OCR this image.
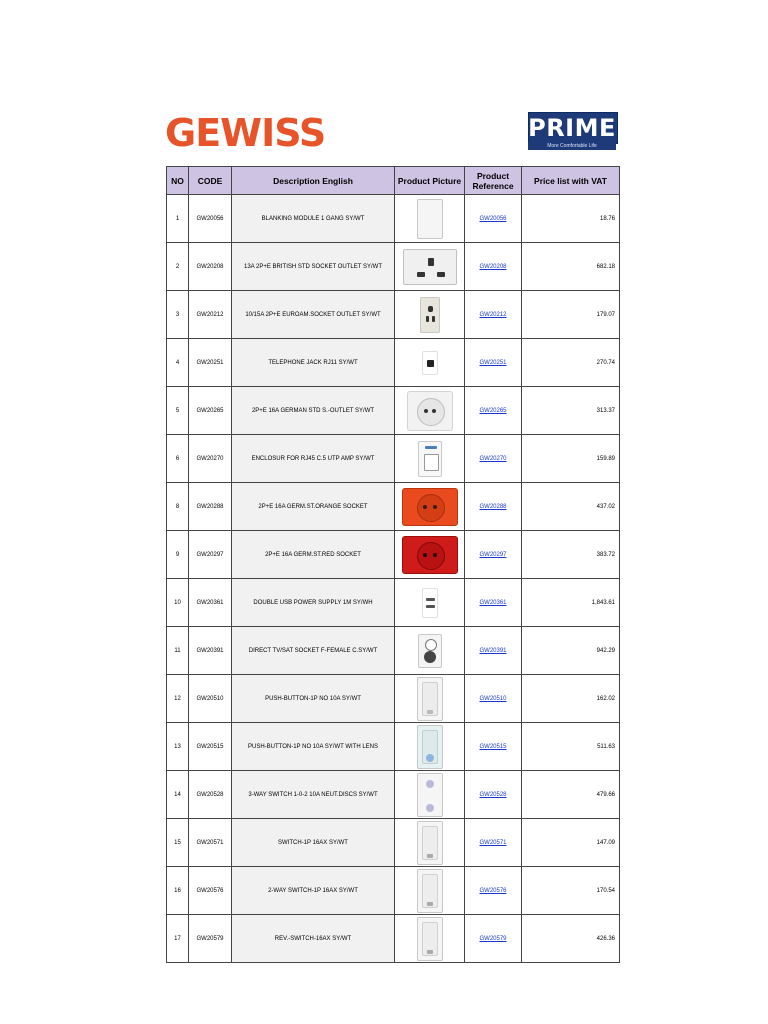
GEWISS	PRIME
More Comfortable Life
NO	CODE	Description English	Product Picture	Product Reference	Price list with VAT
1	GW20056	BLANKING MODULE 1 GANG SY/WT		GW20056	18.76
2	GW20208	13A 2P+E BRITISH STD SOCKET OUTLET SY/WT		GW20208	682.18
3	GW20212	10/15A 2P+E EUROAM.SOCKET OUTLET SY/WT		GW20212	179.07
4	GW20251	TELEPHONE JACK RJ11 SY/WT		GW20251	270.74
5	GW20265	2P+E 16A GERMAN STD S.-OUTLET SY/WT		GW20265	313.37
6	GW20270	ENCLOSUR FOR RJ45 C.5 UTP AMP SY/WT		GW20270	159.89
8	GW20288	2P+E 16A GERM.ST.ORANGE SOCKET		GW20288	437.02
9	GW20297	2P+E 16A GERM.ST.RED SOCKET		GW20297	383.72
10	GW20361	DOUBLE USB POWER SUPPLY 1M SY/WH		GW20361	1,843.61
11	GW20391	DIRECT TV/SAT SOCKET F-FEMALE C.SY/WT		GW20391	942.29
12	GW20510	PUSH-BUTTON-1P NO 10A SY/WT		GW20510	162.02
13	GW20515	PUSH-BUTTON-1P NO 10A SY/WT WITH LENS		GW20515	511.63
14	GW20528	3-WAY SWITCH 1-0-2 10A NEUT.DISCS SY/WT		GW20528	479.66
15	GW20571	SWITCH-1P 16AX SY/WT		GW20571	147.09
16	GW20576	2-WAY SWITCH-1P 16AX SY/WT		GW20576	170.54
17	GW20579	REV.-SWITCH-16AX SY/WT		GW20579	426.36
